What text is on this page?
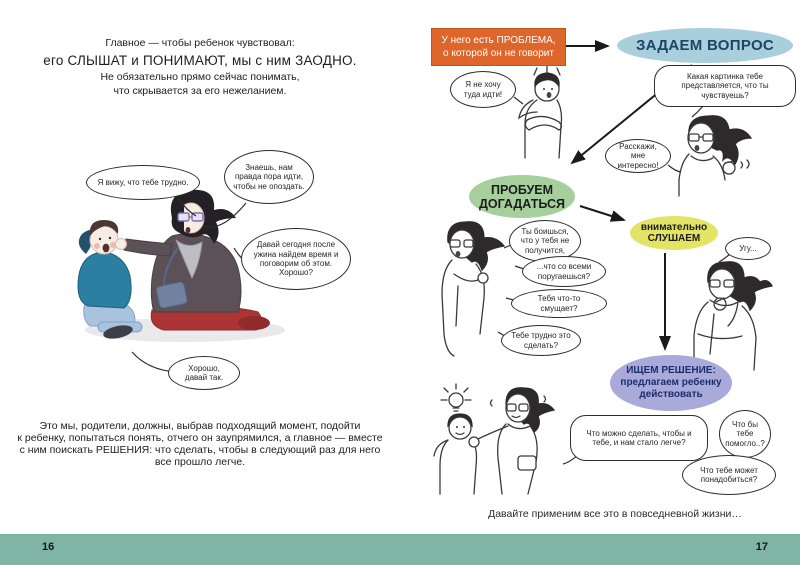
Главное — чтобы ребенок чувствовал:
его СЛЫШАТ и ПОНИМАЮТ, мы с ним ЗАОДНО.
Не обязательно прямо сейчас понимать,
что скрывается за его нежеланием.
Я вижу, что тебе трудно.
Знаешь, нам правда пора идти, чтобы не опоздать.
Давай сегодня после ужина найдем время и поговорим об этом. Хорошо?
Хорошо, давай так.
Это мы, родители, должны, выбрав подходящий момент, подойти
к ребенку, попытаться понять, отчего он заупрямился, а главное — вместе
с ним поискать РЕШЕНИЯ: что сделать, чтобы в следующий раз для него
все прошло легче.
У него есть ПРОБЛЕМА,
о которой он не говорит	ЗАДАЕМ ВОПРОС
ПРОБУЕМ
ДОГАДАТЬСЯ
внимательно
СЛУШАЕМ
ИЩЕМ РЕШЕНИЕ:
предлагаем ребенку
действовать
Я не хочу туда идти!
Какая картинка тебе представляется, что ты чувствуешь?
Расскажи, мне интересно!
Ты боишься, что у тебя не получится,
...что со всеми поругаешься?
Тебя что-то смущает?
Тебе трудно это сделать?
Угу...
Что можно сделать, чтобы и тебе, и нам стало легче?
Что бы тебе помогло..?
Что тебе может понадобиться?
Давайте применим все это в повседневной жизни…
16	17
